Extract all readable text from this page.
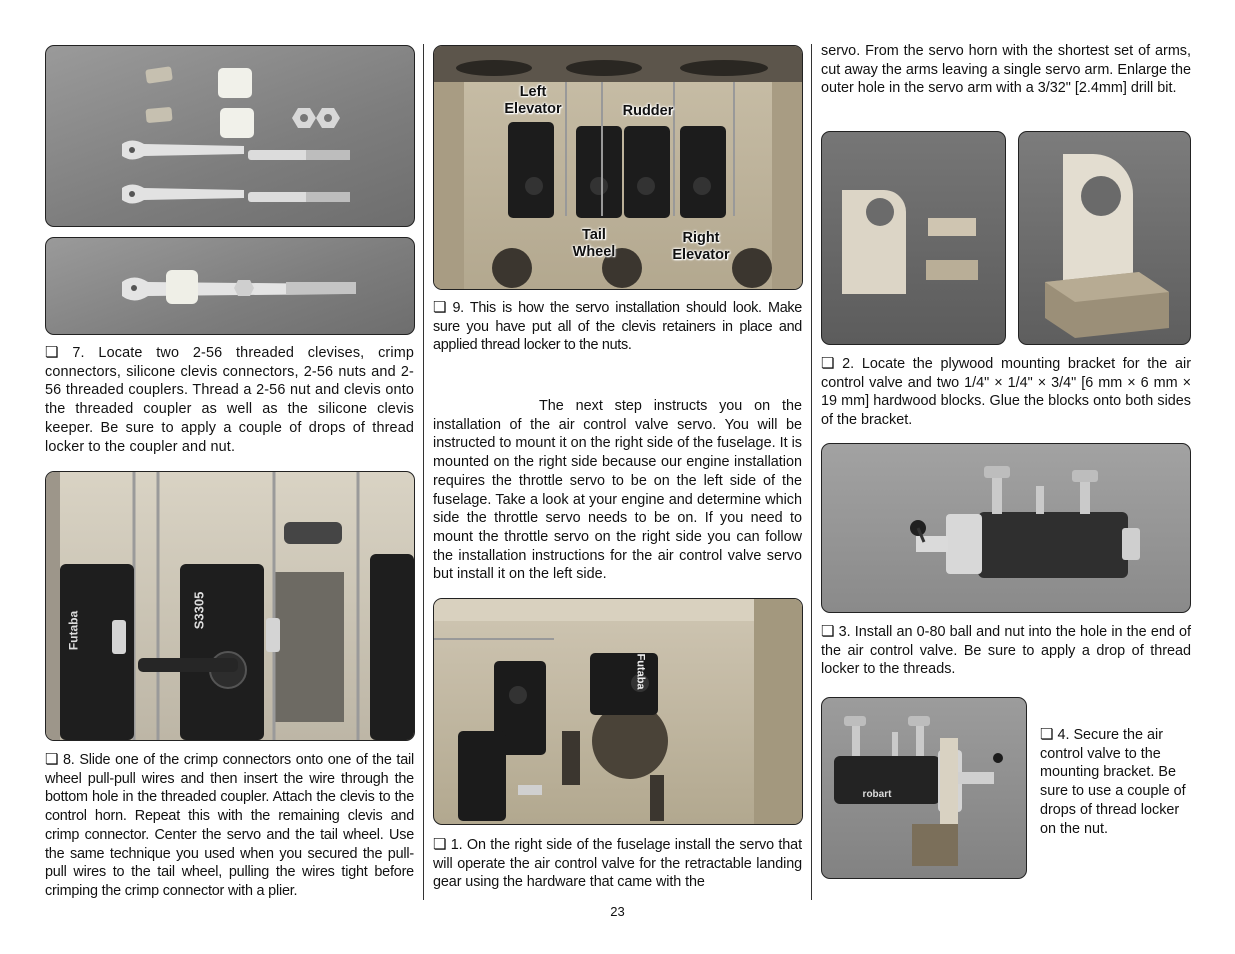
❏ 7. Locate two 2-56 threaded clevises, crimp connectors, silicone clevis connectors, 2-56 nuts and 2-56 threaded couplers. Thread a 2-56 nut and clevis onto the threaded coupler as well as the silicone clevis keeper. Be sure to apply a couple of drops of thread locker to the coupler and nut.

Futaba
S3305

❏ 8. Slide one of the crimp connectors onto one of the tail wheel pull-pull wires and then insert the wire through the bottom hole in the threaded coupler. Attach the clevis to the control horn. Repeat this with the remaining clevis and crimp connector. Center the servo and the tail wheel. Use the same technique you used when you secured the pull-pull wires to the tail wheel, pulling the wires tight before crimping the crimp connector with a plier.

Left
Elevator	Rudder
Tail
Wheel
Right
Elevator

❏ 9. This is how the servo installation should look. Make sure you have put all of the clevis retainers in place and applied thread locker to the nuts.

The next step instructs you on the installation of the air control valve servo. You will be instructed to mount it on the right side of the fuselage. It is mounted on the right side because our engine installation requires the throttle servo to be on the left side of the fuselage. Take a look at your engine and determine which side the throttle servo needs to be on. If you need to mount the throttle servo on the right side you can follow the installation instructions for the air control valve servo but install it on the left side.

Futaba

❏ 1. On the right side of the fuselage install the servo that will operate the air control valve for the retractable landing gear using the hardware that came with the

servo. From the servo horn with the shortest set of arms, cut away the arms leaving a single servo arm. Enlarge the outer hole in the servo arm with a 3/32" [2.4mm] drill bit.

❏ 2. Locate the plywood mounting bracket for the air control valve and two 1/4" × 1/4" × 3/4" [6 mm × 6 mm × 19 mm] hardwood blocks. Glue the blocks onto both sides of the bracket.

❏ 3. Install an 0-80 ball and nut into the hole in the end of the air control valve. Be sure to apply a drop of thread locker to the threads.

robart

❏ 4. Secure the air control valve to the mounting bracket. Be sure to use a couple of drops of thread locker on the nut.

23
